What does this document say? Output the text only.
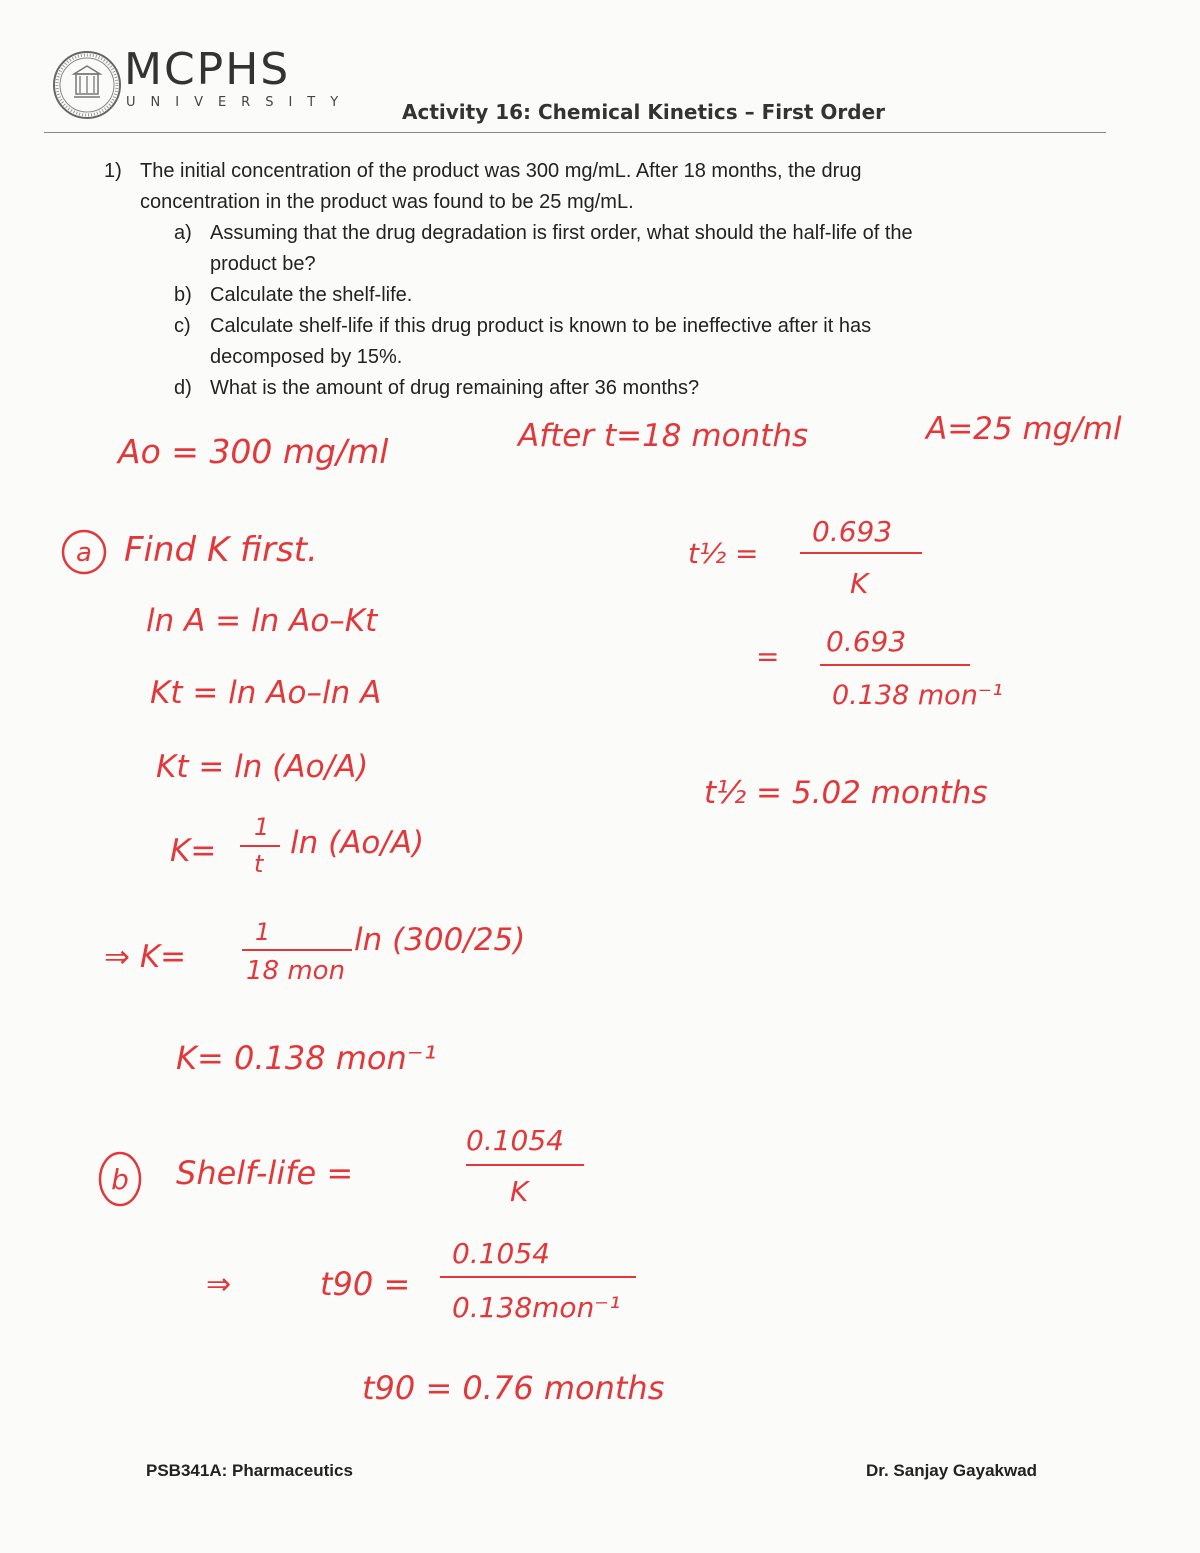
MCPHS
UNIVERSITY Activity 16: Chemical Kinetics – First Order
1) The initial concentration of the product was 300 mg/mL. After 18 months, the drug
concentration in the product was found to be 25 mg/mL.
a) Assuming that the drug degradation is first order, what should the half-life of the
product be?
b) Calculate the shelf-life.
c) Calculate shelf-life if this drug product is known to be ineffective after it has
decomposed by 15%.
d) What is the amount of drug remaining after 36 months?
Ao = 300 mg/ml	After t=18 months	A=25 mg/ml
a Find K first.
ln A = ln Ao–Kt
Kt = ln Ao–ln A
Kt = ln (Ao/A)
K=
1
t
ln (Ao/A)
⇒ K=
1
18 mon
ln (300/25)
K= 0.138 mon⁻¹
t½ =
0.693
K
= 0.693
0.138 mon⁻¹
t½ = 5.02 months
b Shelf-life =
0.1054
K
⇒	t90 =
0.1054
0.138mon⁻¹
t90 = 0.76 months
PSB341A: Pharmaceutics	Dr. Sanjay Gayakwad
